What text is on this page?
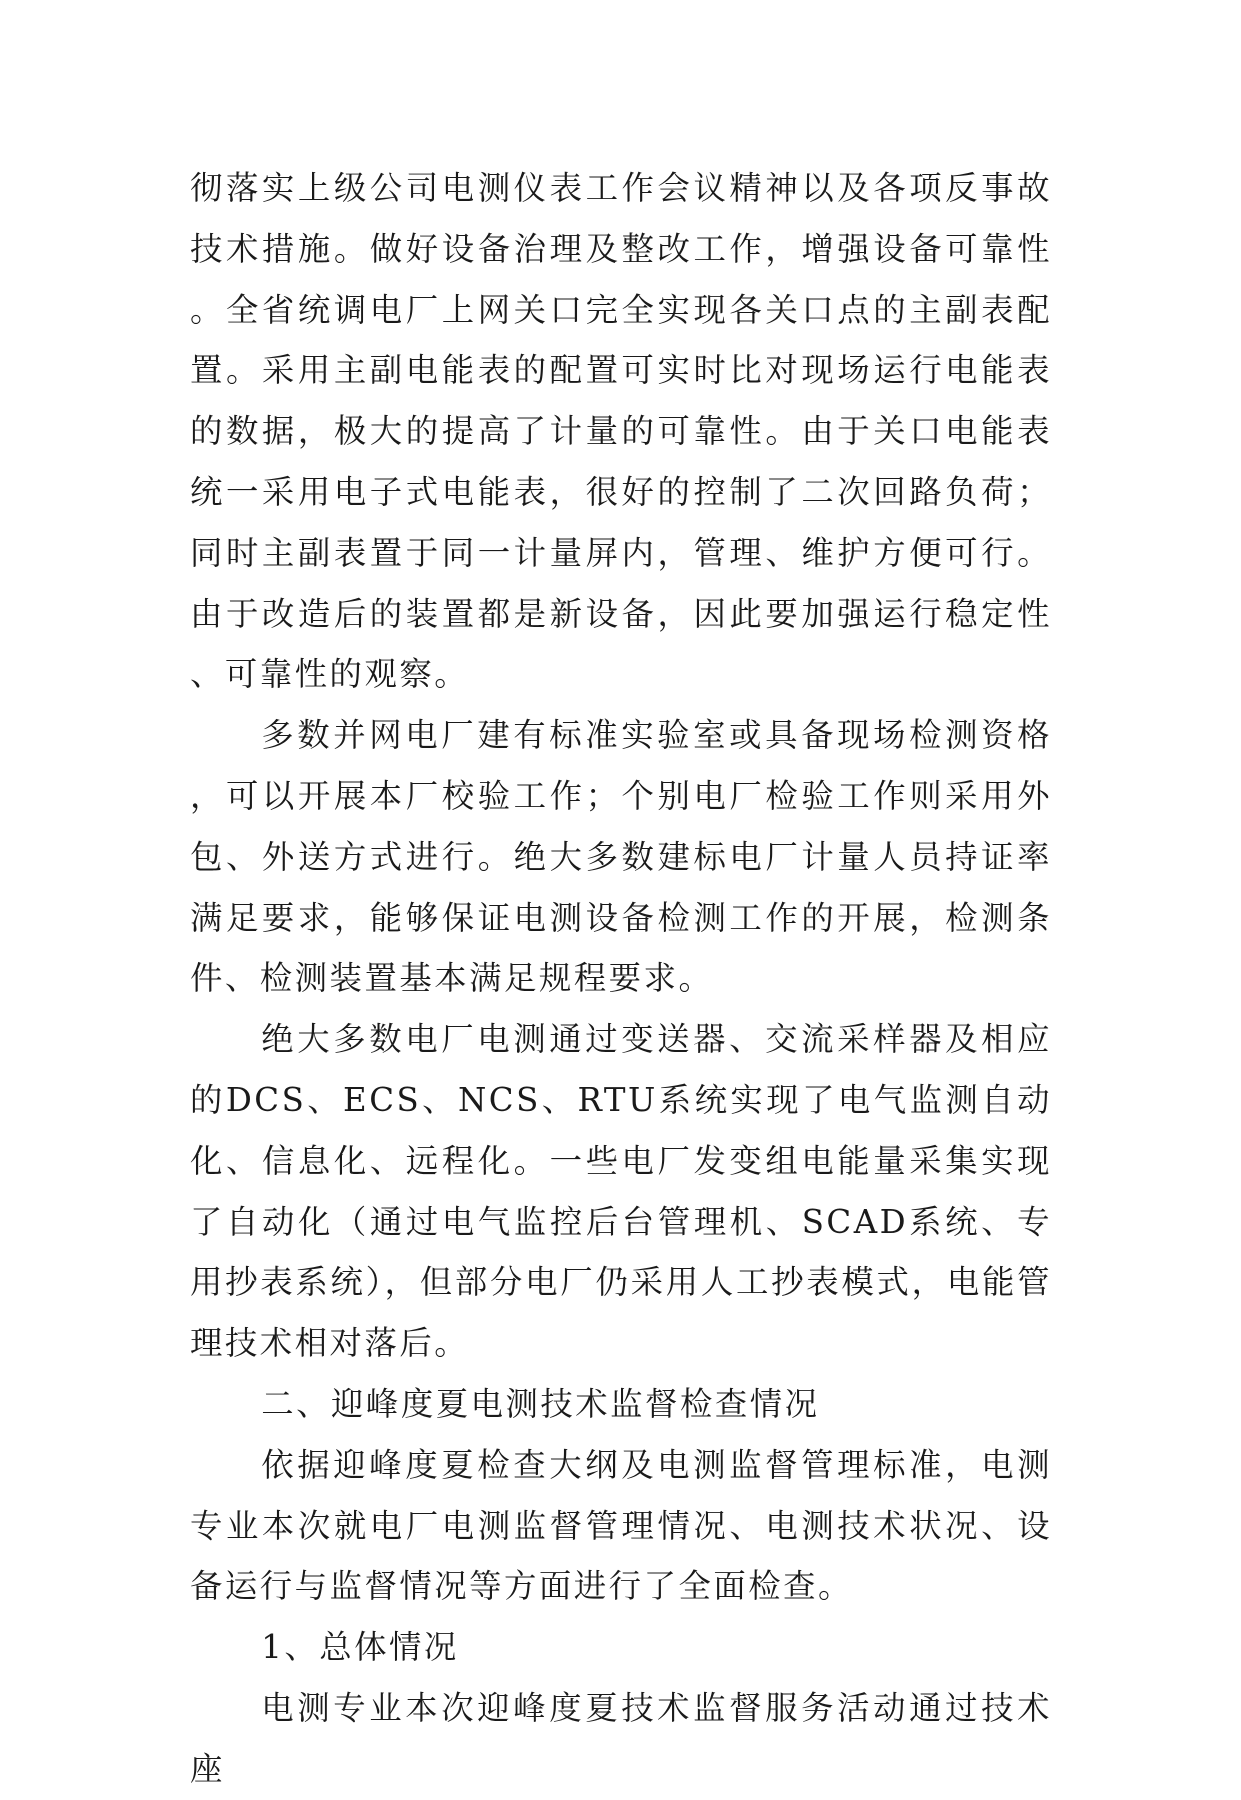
彻落实上级公司电测仪表工作会议精神以及各项反事故技术措施。做好设备治理及整改工作，增强设备可靠性。全省统调电厂上网关口完全实现各关口点的主副表配置。采用主副电能表的配置可实时比对现场运行电能表的数据，极大的提高了计量的可靠性。由于关口电能表统一采用电子式电能表，很好的控制了二次回路负荷；同时主副表置于同一计量屏内，管理、维护方便可行。由于改造后的装置都是新设备，因此要加强运行稳定性、可靠性的观察。

多数并网电厂建有标准实验室或具备现场检测资格，可以开展本厂校验工作；个别电厂检验工作则采用外包、外送方式进行。绝大多数建标电厂计量人员持证率满足要求，能够保证电测设备检测工作的开展，检测条件、检测装置基本满足规程要求。

绝大多数电厂电测通过变送器、交流采样器及相应的DCS、ECS、NCS、RTU系统实现了电气监测自动化、信息化、远程化。一些电厂发变组电能量采集实现了自动化（通过电气监控后台管理机、SCAD系统、专用抄表系统），但部分电厂仍采用人工抄表模式，电能管理技术相对落后。

二、迎峰度夏电测技术监督检查情况

依据迎峰度夏检查大纲及电测监督管理标准，电测专业本次就电厂电测监督管理情况、电测技术状况、设备运行与监督情况等方面进行了全面检查。

1、总体情况

电测专业本次迎峰度夏技术监督服务活动通过技术座
